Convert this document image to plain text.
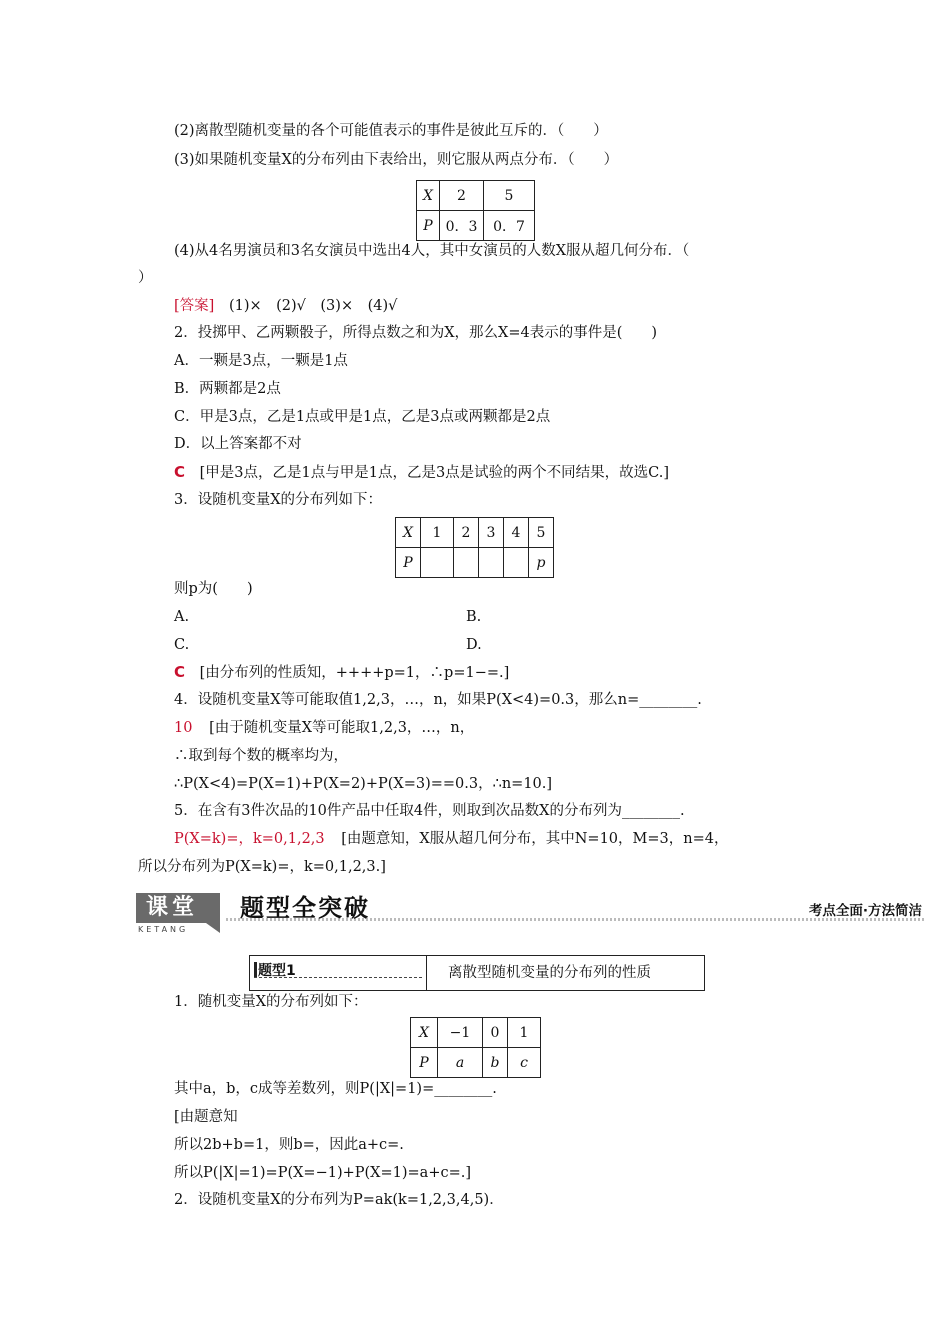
(2)离散型随机变量的各个可能值表示的事件是彼此互斥的．（　　）
(3)如果随机变量X的分布列由下表给出，则它服从两点分布．（　　）
X	2	5
P	0．3	0．7
(4)从4名男演员和3名女演员中选出4人，其中女演员的人数X服从超几何分布．（
）
[答案] (1)×　(2)√　(3)×　(4)√
2．投掷甲、乙两颗骰子，所得点数之和为X，那么X=4表示的事件是(　　)
A．一颗是3点，一颗是1点
B．两颗都是2点
C．甲是3点，乙是1点或甲是1点，乙是3点或两颗都是2点
D．以上答案都不对
C [甲是3点，乙是1点与甲是1点，乙是3点是试验的两个不同结果，故选C.]
3．设随机变量X的分布列如下：
X	1	2	3	4	5
P					p
则p为(　　)
A.	B.
C.	D.
C [由分布列的性质知，++++p=1，∴p=1−=.]
4．设随机变量X等可能取值1,2,3，…，n，如果P(X<4)=0.3，那么n=________.
10 [由于随机变量X等可能取1,2,3，…，n，
∴取到每个数的概率均为，
∴P(X<4)=P(X=1)+P(X=2)+P(X=3)==0.3，∴n=10.]
5．在含有3件次品的10件产品中任取4件，则取到次品数X的分布列为________.
P(X=k)=，k=0,1,2,3 [由题意知，X服从超几何分布，其中N=10，M=3，n=4，
所以分布列为P(X=k)=，k=0,1,2,3.]
课堂
KETANG
题型全突破	考点全面·方法简洁
题型1	离散型随机变量的分布列的性质
1．随机变量X的分布列如下：
X	−1	0	1
P	a	b	c
其中a，b，c成等差数列，则P(|X|=1)=________.
[由题意知
所以2b+b=1，则b=，因此a+c=.
所以P(|X|=1)=P(X=−1)+P(X=1)=a+c=.]
2．设随机变量X的分布列为P=ak(k=1,2,3,4,5)．
